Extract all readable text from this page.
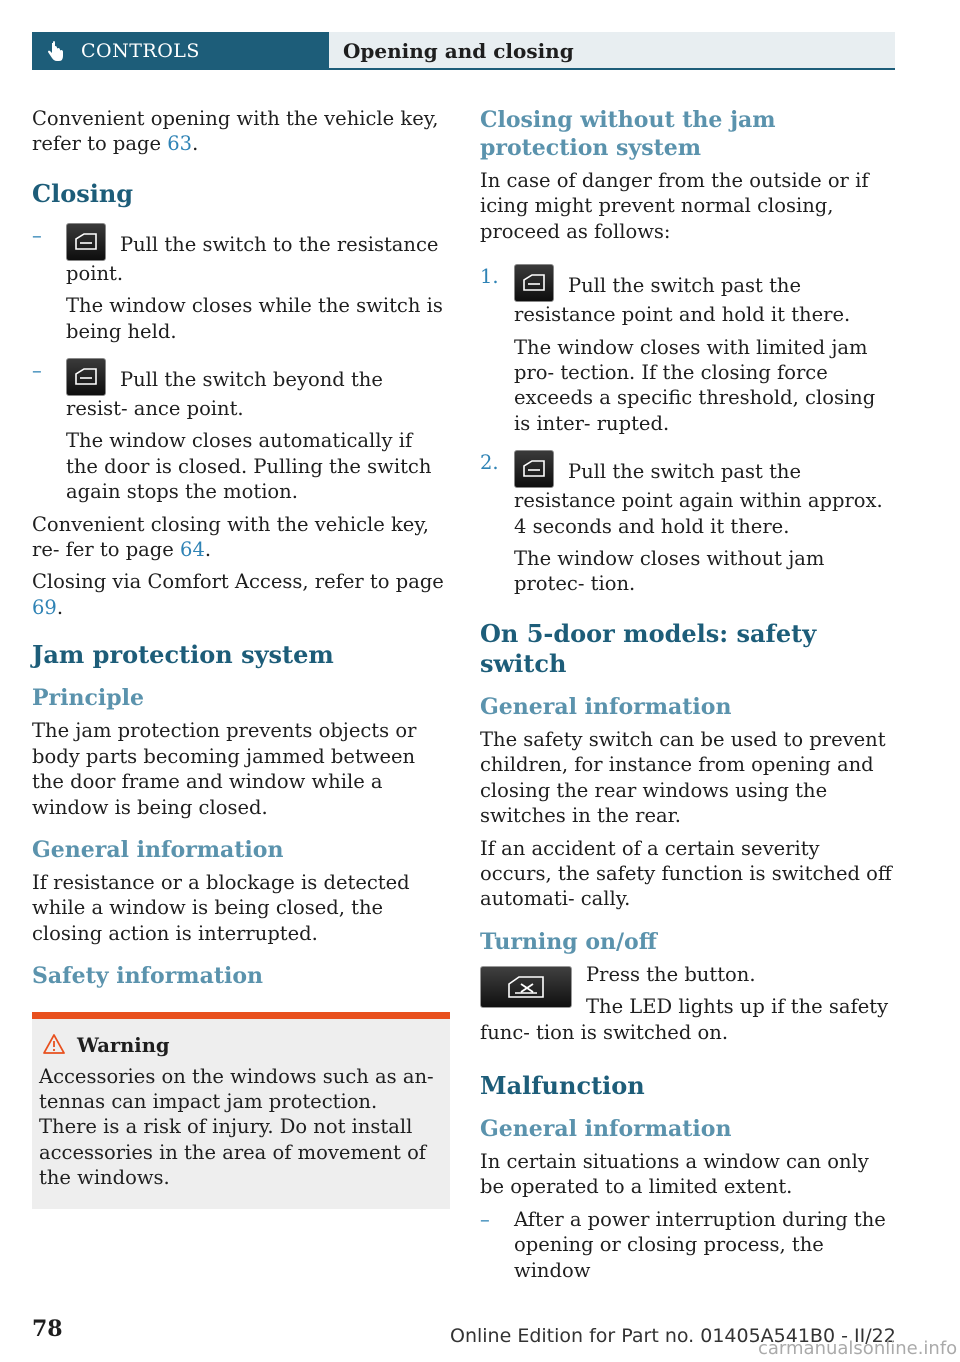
CONTROLS	Opening and closing

Convenient opening with the vehicle key, refer to page 63.

Closing
–	Pull the switch to the resistance point.
The window closes while the switch is being held.
–	Pull the switch beyond the resist‐ ance point.
The window closes automatically if the door is closed. Pulling the switch again stops the motion.

Convenient closing with the vehicle key, re‐ fer to page 64.

Closing via Comfort Access, refer to page 69.

Jam protection system
Principle

The jam protection prevents objects or body parts becoming jammed between the door frame and window while a window is being closed.

General information

If resistance or a blockage is detected while a window is being closed, the closing action is interrupted.

Safety information
Warning
Accessories on the windows such as an‐ tennas can impact jam protection. There is a risk of injury. Do not install accessories in the area of movement of the windows.
Closing without the jam protection system

In case of danger from the outside or if icing might prevent normal closing, proceed as follows:

1.	Pull the switch past the resistance point and hold it there.
The window closes with limited jam pro‐ tection. If the closing force exceeds a specific threshold, closing is inter‐ rupted.
2.	Pull the switch past the resistance point again within approx. 4 seconds and hold it there.
The window closes without jam protec‐ tion.
On 5-door models: safety switch
General information

The safety switch can be used to prevent children, for instance from opening and closing the rear windows using the switches in the rear.

If an accident of a certain severity occurs, the safety function is switched off automati‐ cally.

Turning on/off

Press the button.

The LED lights up if the safety func‐ tion is switched on.

Malfunction
General information

In certain situations a window can only be operated to a limited extent.

– After a power interruption during the opening or closing process, the window
78	Online Edition for Part no. 01405A541B0 - II/22
carmanualsonline.info
